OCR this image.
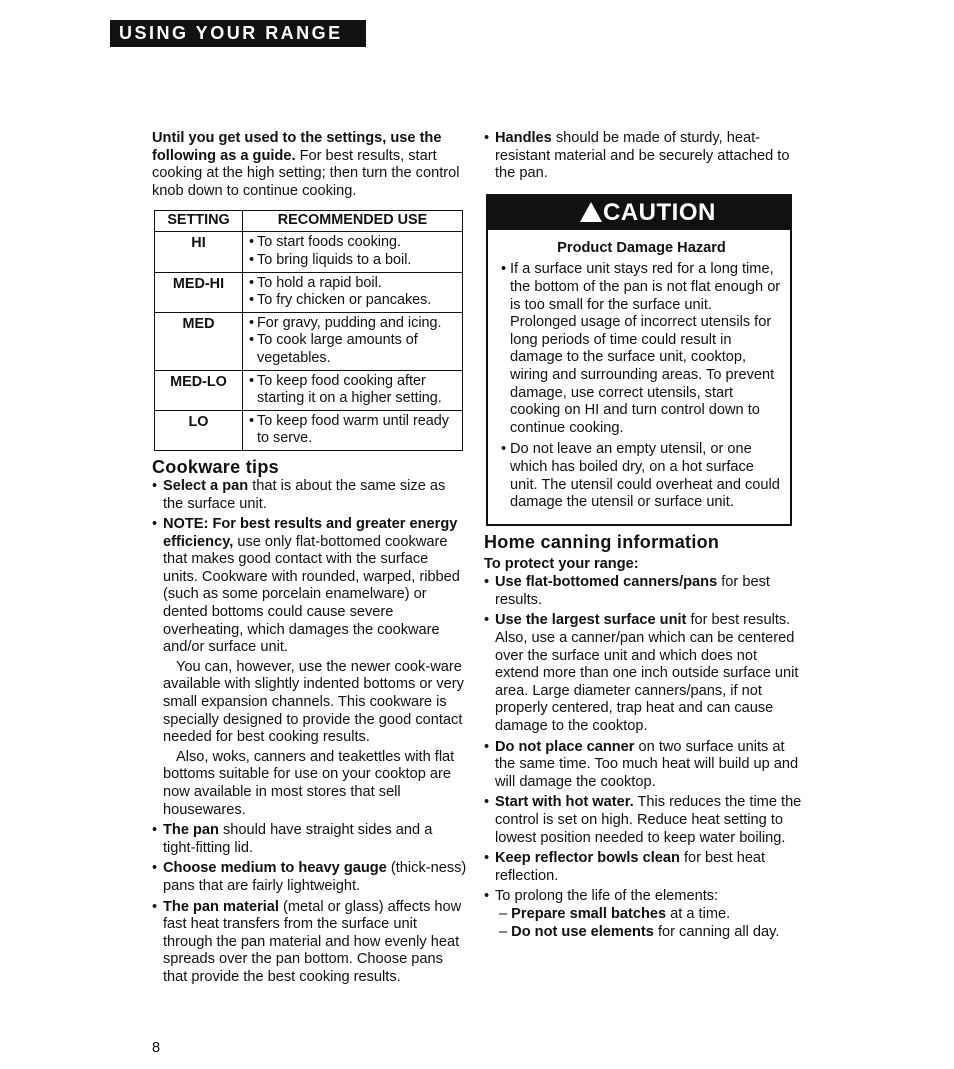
USING YOUR RANGE

Until you get used to the settings, use the following as a guide. For best results, start cooking at the high setting; then turn the control knob down to continue cooking.

SETTING	RECOMMENDED USE
HI	• To start foods cooking.
• To bring liquids to a boil.

MED-HI	• To hold a rapid boil.
• To fry chicken or pancakes.

MED	• For gravy, pudding and icing.
• To cook large amounts of vegetables.

MED-LO	• To keep food cooking after starting it on a higher setting.

LO	• To keep food warm until ready to serve.
Cookware tips
• Select a pan that is about the same size as the surface unit.
• NOTE: For best results and greater energy efficiency, use only flat-bottomed cookware that makes good contact with the surface units. Cookware with rounded, warped, ribbed (such as some porcelain enamelware) or dented bottoms could cause severe overheating, which damages the cookware and/or surface unit.

You can, however, use the newer cook-ware available with slightly indented bottoms or very small expansion channels. This cookware is specially designed to provide the good contact needed for best cooking results.

Also, woks, canners and teakettles with flat bottoms suitable for use on your cooktop are now available in most stores that sell housewares.

• The pan should have straight sides and a tight-fitting lid.
• Choose medium to heavy gauge (thick-ness) pans that are fairly lightweight.
• The pan material (metal or glass) affects how fast heat transfers from the surface unit through the pan material and how evenly heat spreads over the pan bottom. Choose pans that provide the best cooking results.
• Handles should be made of sturdy, heat-resistant material and be securely attached to the pan.
CAUTION
Product Damage Hazard
• If a surface unit stays red for a long time, the bottom of the pan is not flat enough or is too small for the surface unit. Prolonged usage of incorrect utensils for long periods of time could result in damage to the surface unit, cooktop, wiring and surrounding areas. To prevent damage, use correct utensils, start cooking on HI and turn control down to continue cooking.
• Do not leave an empty utensil, or one which has boiled dry, on a hot surface unit. The utensil could overheat and could damage the utensil or surface unit.
Home canning information

To protect your range:

• Use flat-bottomed canners/pans for best results.
• Use the largest surface unit for best results. Also, use a canner/pan which can be centered over the surface unit and which does not extend more than one inch outside surface unit area. Large diameter canners/pans, if not properly centered, trap heat and can cause damage to the cooktop.
• Do not place canner on two surface units at the same time. Too much heat will build up and will damage the cooktop.
• Start with hot water. This reduces the time the control is set on high. Reduce heat setting to lowest position needed to keep water boiling.
• Keep reflector bowls clean for best heat reflection.
• To prolong the life of the elements:
– Prepare small batches at a time.
– Do not use elements for canning all day.
8
